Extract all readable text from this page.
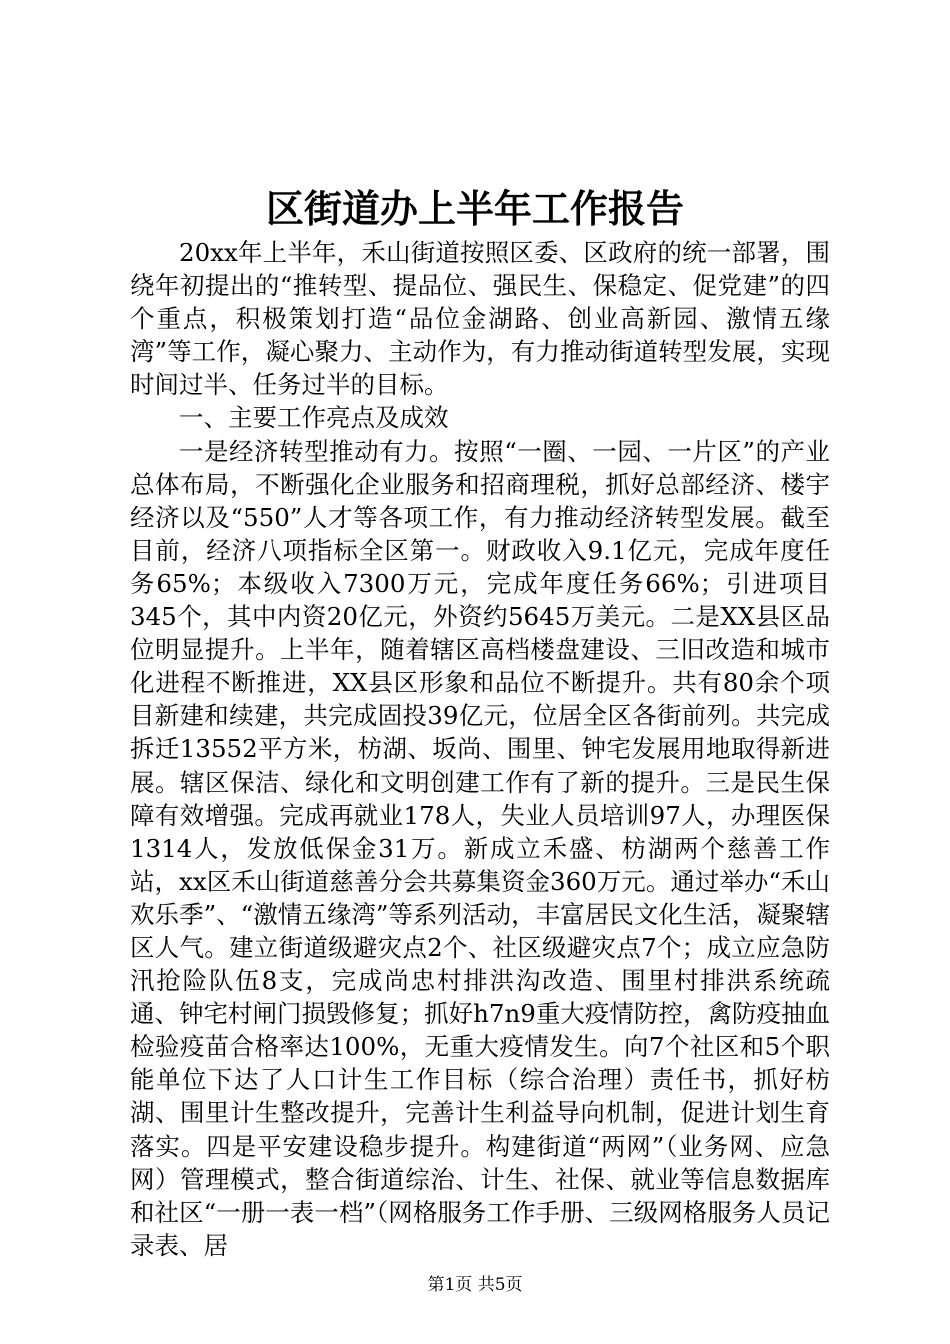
区街道办上半年工作报告

20xx年上半年，禾山街道按照区委、区政府的统一部署，围绕年初提出的“推转型、提品位、强民生、保稳定、促党建”的四个重点，积极策划打造“品位金湖路、创业高新园、激情五缘湾”等工作，凝心聚力、主动作为，有力推动街道转型发展，实现时间过半、任务过半的目标。

一、主要工作亮点及成效

一是经济转型推动有力。按照“一圈、一园、一片区”的产业总体布局，不断强化企业服务和招商理税，抓好总部经济、楼宇经济以及“550”人才等各项工作，有力推动经济转型发展。截至目前，经济八项指标全区第一。财政收入9.1亿元，完成年度任务65%；本级收入7300万元，完成年度任务66%；引进项目345个，其中内资20亿元，外资约5645万美元。二是XX县区品位明显提升。上半年，随着辖区高档楼盘建设、三旧改造和城市化进程不断推进，XX县区形象和品位不断提升。共有80余个项目新建和续建，共完成固投39亿元，位居全区各街前列。共完成拆迁13552平方米，枋湖、坂尚、围里、钟宅发展用地取得新进展。辖区保洁、绿化和文明创建工作有了新的提升。三是民生保障有效增强。完成再就业178人，失业人员培训97人，办理医保1314人，发放低保金31万。新成立禾盛、枋湖两个慈善工作站，xx区禾山街道慈善分会共募集资金360万元。通过举办“禾山欢乐季”、“激情五缘湾”等系列活动，丰富居民文化生活，凝聚辖区人气。建立街道级避灾点2个、社区级避灾点7个；成立应急防汛抢险队伍8支，完成尚忠村排洪沟改造、围里村排洪系统疏通、钟宅村闸门损毁修复；抓好h7n9重大疫情防控，禽防疫抽血检验疫苗合格率达100%，无重大疫情发生。向7个社区和5个职能单位下达了人口计生工作目标（综合治理）责任书，抓好枋湖、围里计生整改提升，完善计生利益导向机制，促进计划生育落实。四是平安建设稳步提升。构建街道“两网”（业务网、应急网）管理模式，整合街道综治、计生、社保、就业等信息数据库和社区“一册一表一档”（网格服务工作手册、三级网格服务人员记录表、居

第1页 共5页
